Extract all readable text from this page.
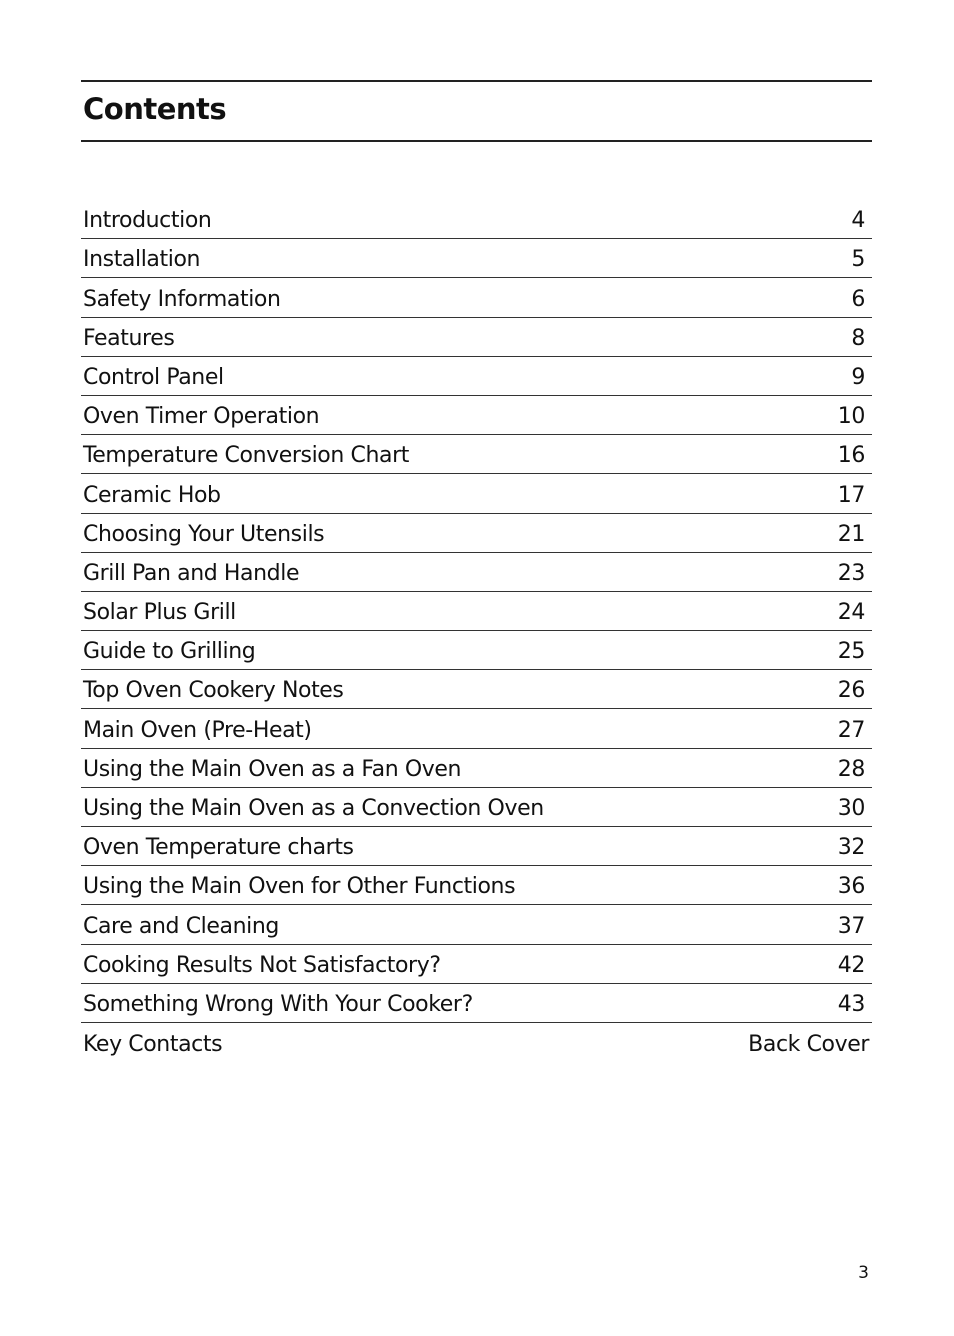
Contents
Introduction	4
Installation	5
Safety Information	6
Features	8
Control Panel	9
Oven Timer Operation	10
Temperature Conversion Chart	16
Ceramic Hob	17
Choosing Your Utensils	21
Grill Pan and Handle	23
Solar Plus Grill	24
Guide to Grilling	25
Top Oven Cookery Notes	26
Main Oven (Pre-Heat)	27
Using the Main Oven as a Fan Oven	28
Using the Main Oven as a Convection Oven	30
Oven Temperature charts	32
Using the Main Oven for Other Functions	36
Care and Cleaning	37
Cooking Results Not Satisfactory?	42
Something Wrong With Your Cooker?	43
Key Contacts	Back Cover
3
